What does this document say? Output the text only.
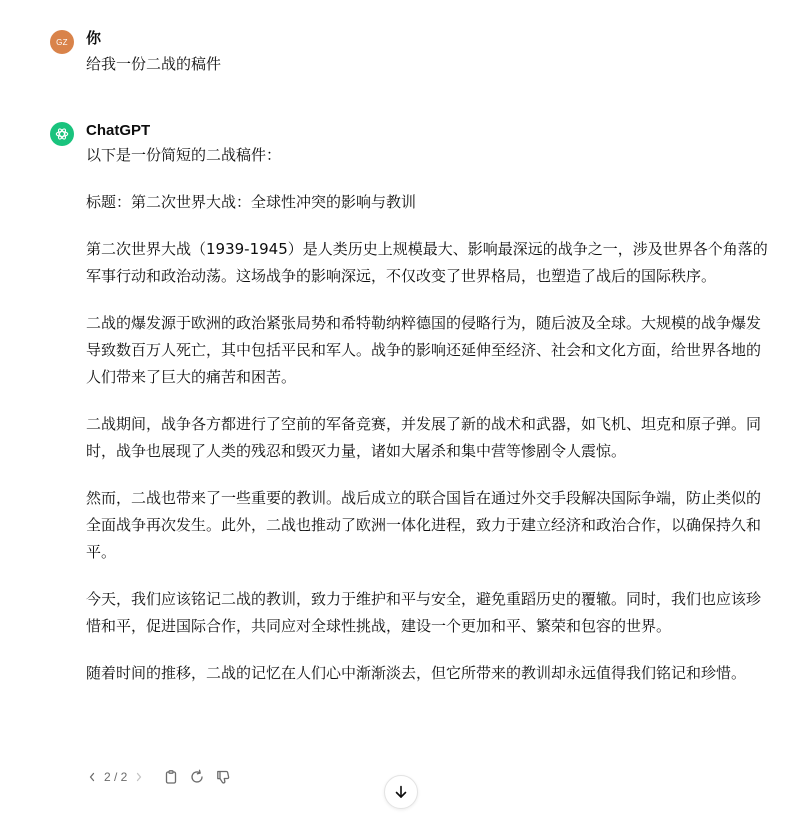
GZ 你

给我一份二战的稿件

ChatGPT

以下是一份简短的二战稿件：

标题：第二次世界大战：全球性冲突的影响与教训

第二次世界大战（1939-1945）是人类历史上规模最大、影响最深远的战争之一，涉及世界各个角落的军事行动和政治动荡。这场战争的影响深远，不仅改变了世界格局，也塑造了战后的国际秩序。

二战的爆发源于欧洲的政治紧张局势和希特勒纳粹德国的侵略行为，随后波及全球。大规模的战争爆发导致数百万人死亡，其中包括平民和军人。战争的影响还延伸至经济、社会和文化方面，给世界各地的人们带来了巨大的痛苦和困苦。

二战期间，战争各方都进行了空前的军备竞赛，并发展了新的战术和武器，如飞机、坦克和原子弹。同时，战争也展现了人类的残忍和毁灭力量，诸如大屠杀和集中营等惨剧令人震惊。

然而，二战也带来了一些重要的教训。战后成立的联合国旨在通过外交手段解决国际争端，防止类似的全面战争再次发生。此外，二战也推动了欧洲一体化进程，致力于建立经济和政治合作，以确保持久和平。

今天，我们应该铭记二战的教训，致力于维护和平与安全，避免重蹈历史的覆辙。同时，我们也应该珍惜和平，促进国际合作，共同应对全球性挑战，建设一个更加和平、繁荣和包容的世界。

随着时间的推移，二战的记忆在人们心中渐渐淡去，但它所带来的教训却永远值得我们铭记和珍惜。

2 / 2
